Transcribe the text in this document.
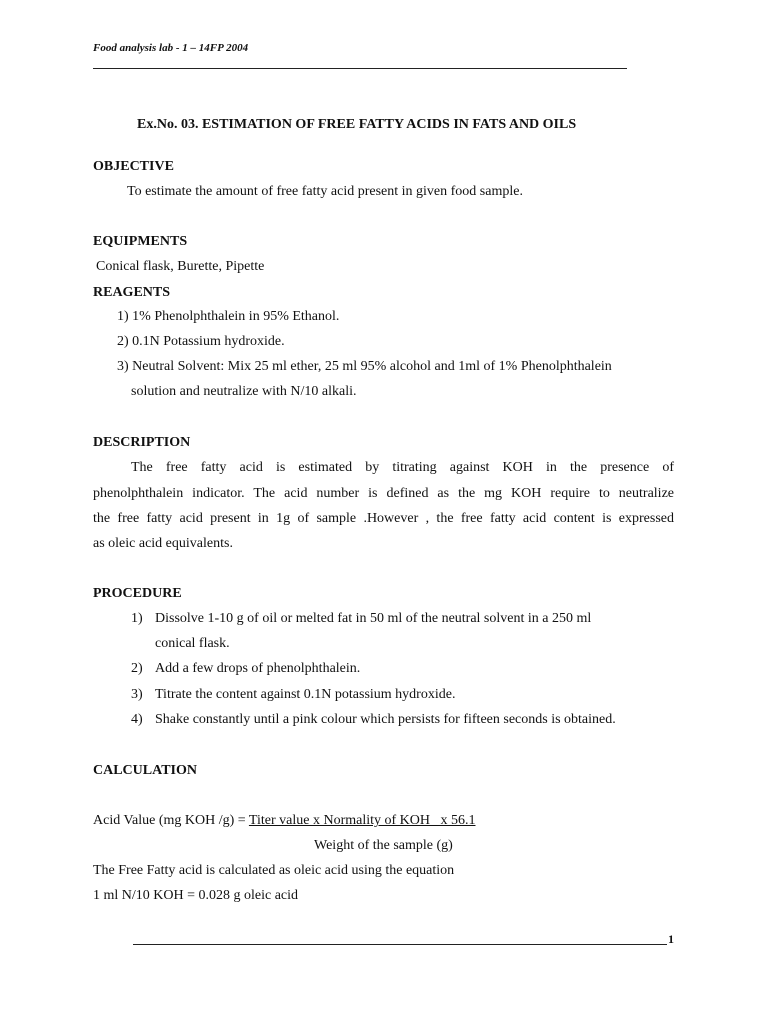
Food analysis lab - 1 – 14FP 2004
Ex.No. 03. ESTIMATION OF FREE FATTY ACIDS IN FATS AND OILS
OBJECTIVE
To estimate the amount of free fatty acid present in given food sample.
EQUIPMENTS
Conical flask, Burette, Pipette
REAGENTS
1) 1% Phenolphthalein in 95% Ethanol.
2) 0.1N Potassium hydroxide.
3) Neutral Solvent: Mix 25 ml ether, 25 ml 95% alcohol and 1ml of 1% Phenolphthalein
solution and neutralize with N/10 alkali.
DESCRIPTION
The free fatty acid is estimated by titrating against KOH in the presence of
phenolphthalein indicator. The acid number is defined as the mg KOH require to neutralize
the free fatty acid present in 1g of sample .However , the free fatty acid content is expressed
as oleic acid equivalents.
PROCEDURE
1) Dissolve 1-10 g of oil or melted fat in 50 ml of the neutral solvent in a 250 ml
conical flask.
2) Add a few drops of phenolphthalein.
3) Titrate the content against 0.1N potassium hydroxide.
4) Shake constantly until a pink colour which persists for fifteen seconds is obtained.
CALCULATION
Acid Value (mg KOH /g) = Titer value x Normality of KOH   x 56.1
Weight of the sample (g)
The Free Fatty acid is calculated as oleic acid using the equation
1 ml N/10 KOH = 0.028 g oleic acid
1
